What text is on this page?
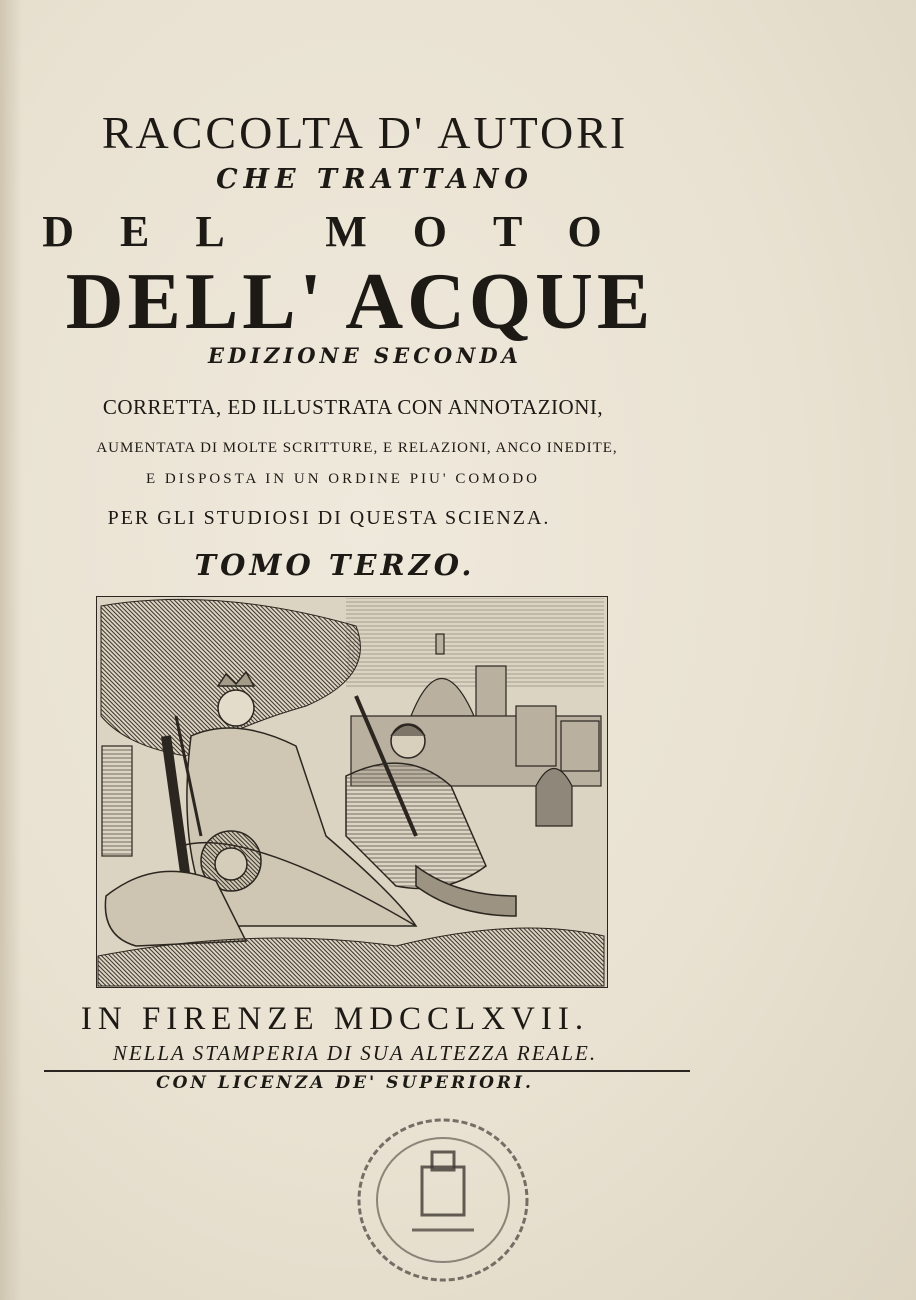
RACCOLTA D' AUTORI
CHE TRATTANO
DEL MOTO
DELL' ACQUE
EDIZIONE SECONDA
CORRETTA, ED ILLUSTRATA CON ANNOTAZIONI,
AUMENTATA DI MOLTE SCRITTURE, E RELAZIONI, ANCO INEDITE,
E DISPOSTA IN UN ORDINE PIU' COMODO
PER GLI STUDIOSI DI QUESTA SCIENZA.
TOMO TERZO.
IN FIRENZE MDCCLXVII.
NELLA STAMPERIA DI SUA ALTEZZA REALE.
CON LICENZA DE' SUPERIORI.
